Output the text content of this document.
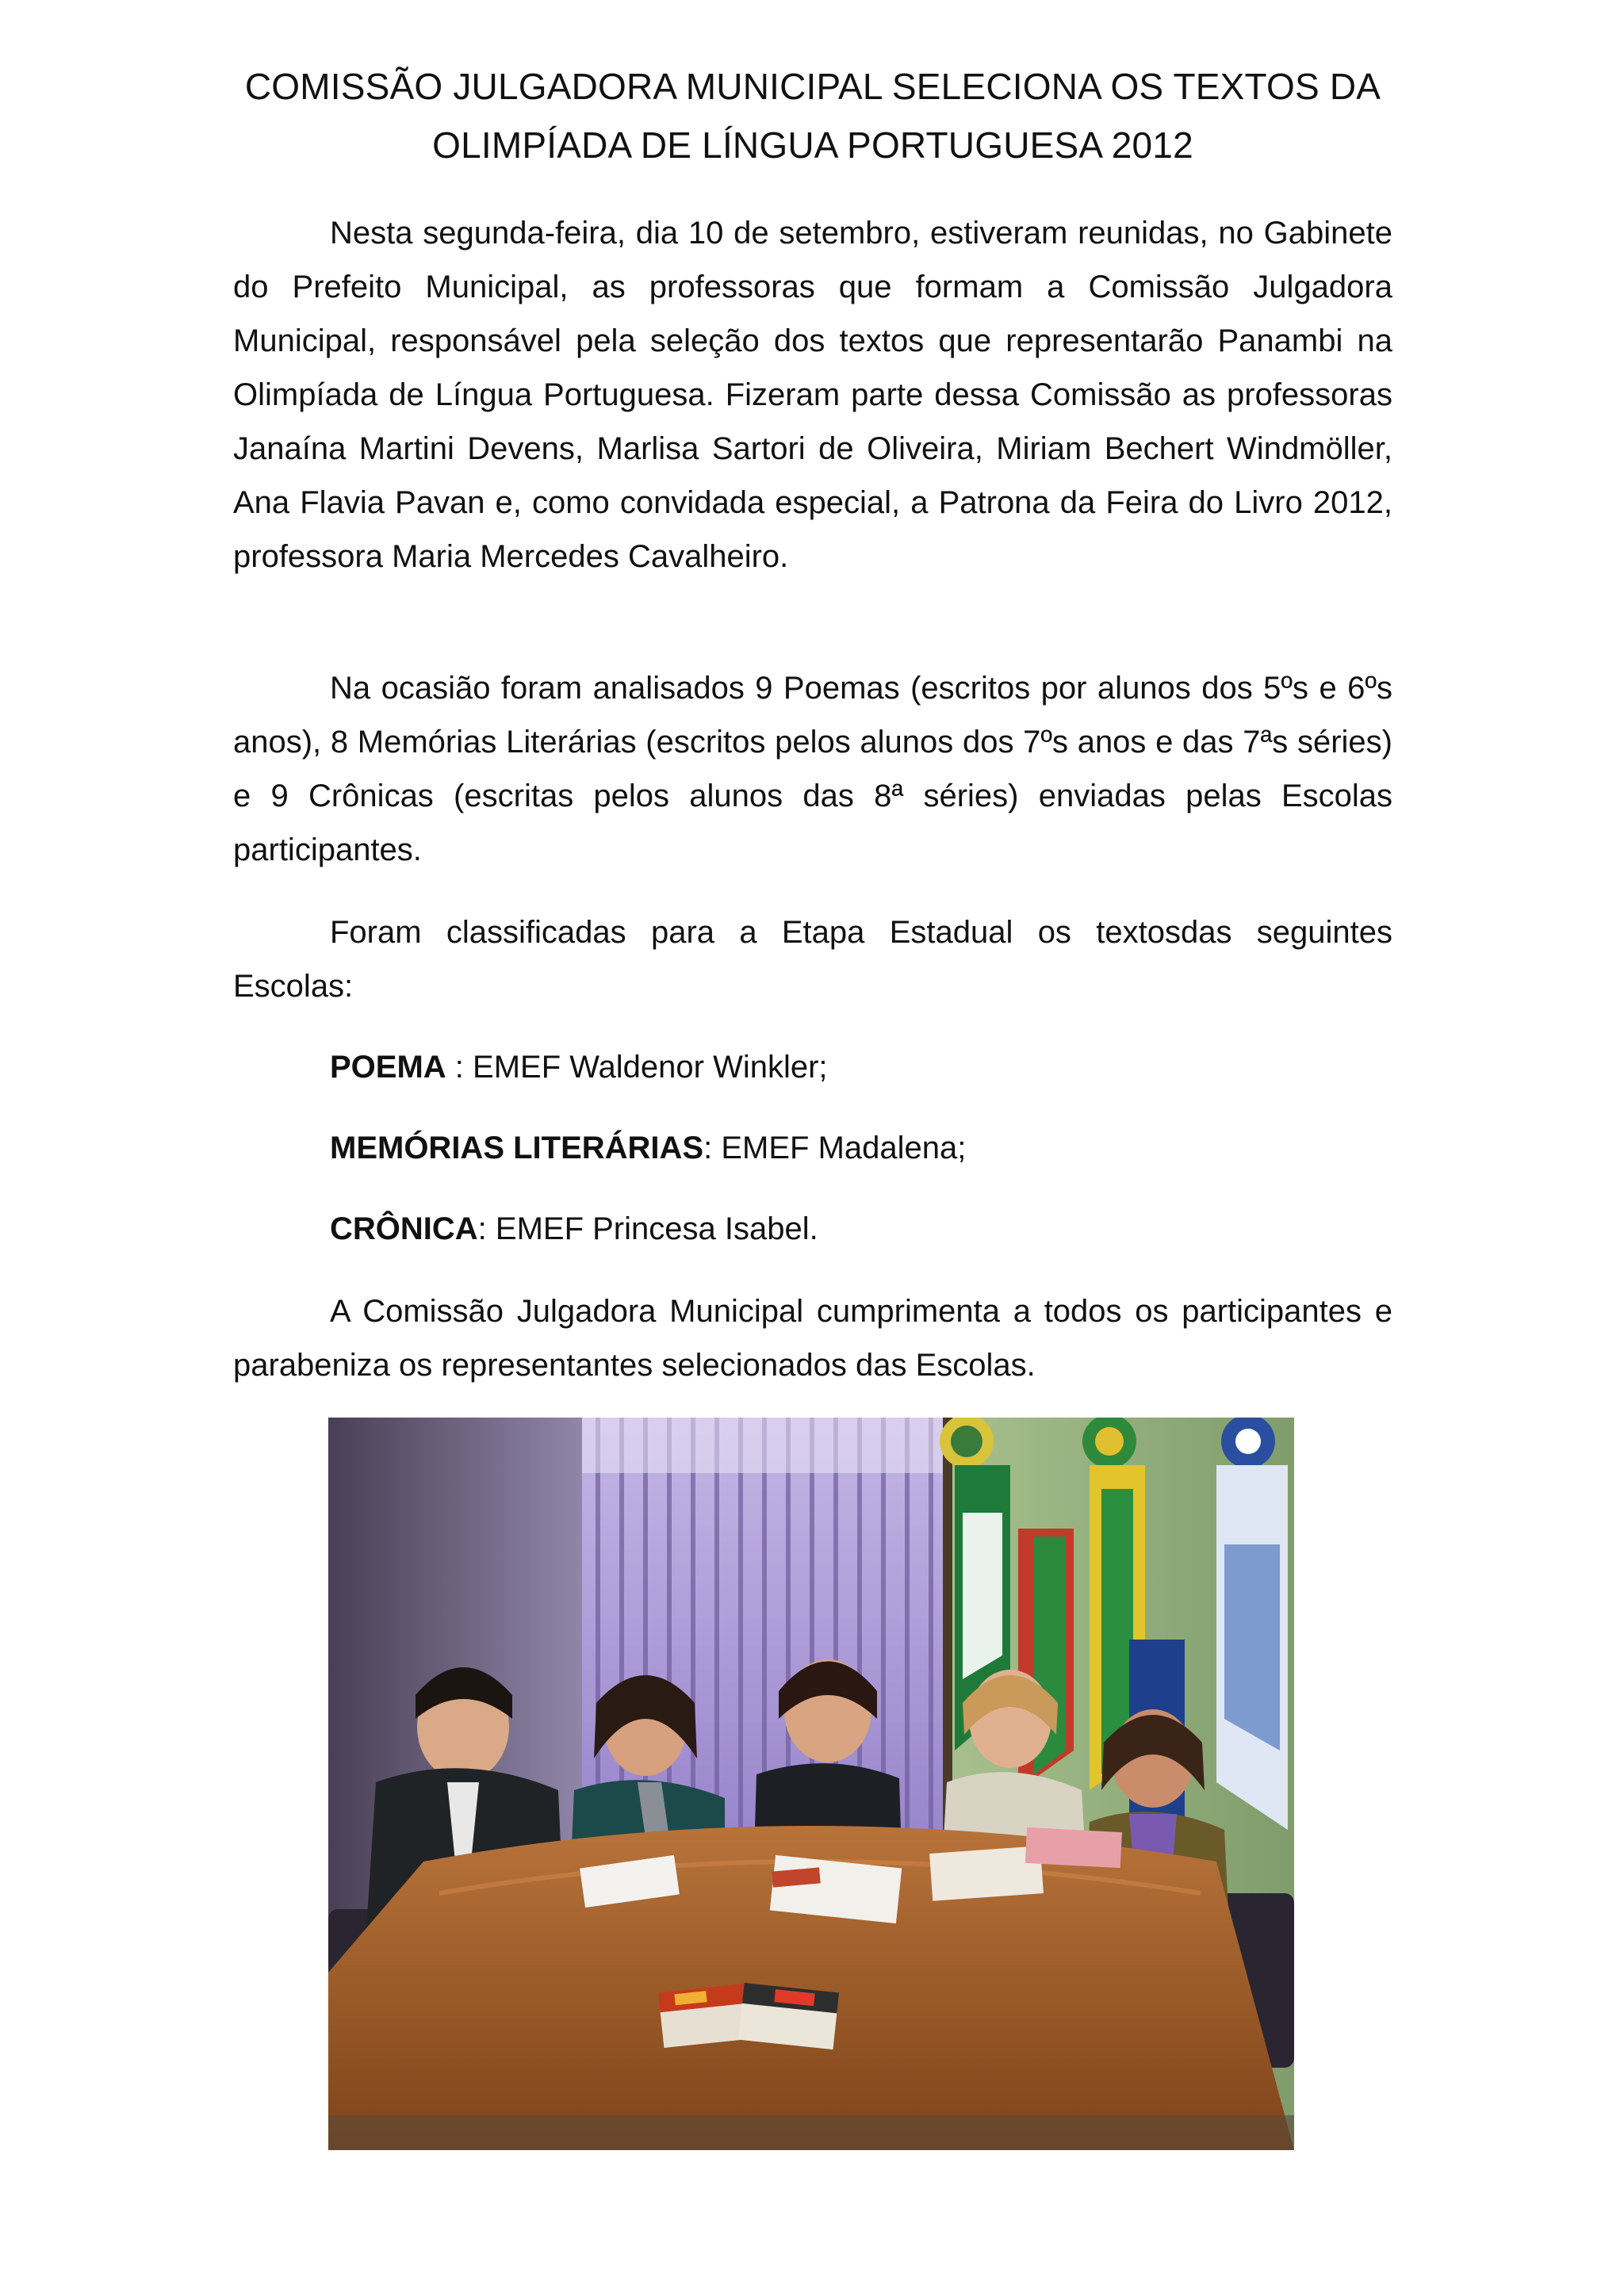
COMISSÃO JULGADORA MUNICIPAL SELECIONA OS TEXTOS DA
OLIMPÍADA DE LÍNGUA PORTUGUESA 2012

Nesta segunda-feira, dia 10 de setembro, estiveram reunidas, no Gabinete do Prefeito Municipal, as professoras que formam a Comissão Julgadora Municipal, responsável pela seleção dos textos que representarão Panambi na Olimpíada de Língua Portuguesa. Fizeram parte dessa Comissão as professoras Janaína Martini Devens, Marlisa Sartori de Oliveira, Miriam Bechert Windmöller, Ana Flavia Pavan e, como convidada especial, a Patrona da Feira do Livro 2012, professora Maria Mercedes Cavalheiro.

Na ocasião foram analisados 9 Poemas (escritos por alunos dos 5ºs e 6ºs anos), 8 Memórias Literárias (escritos pelos alunos dos 7ºs anos e das 7ªs séries) e 9 Crônicas (escritas pelos alunos das 8ª séries) enviadas pelas Escolas participantes.

Foram classificadas para a Etapa Estadual os textosdas seguintes Escolas:

POEMA : EMEF Waldenor Winkler;
MEMÓRIAS LITERÁRIAS: EMEF Madalena;
CRÔNICA: EMEF Princesa Isabel.

A Comissão Julgadora Municipal cumprimenta a todos os participantes e parabeniza os representantes selecionados das Escolas.
